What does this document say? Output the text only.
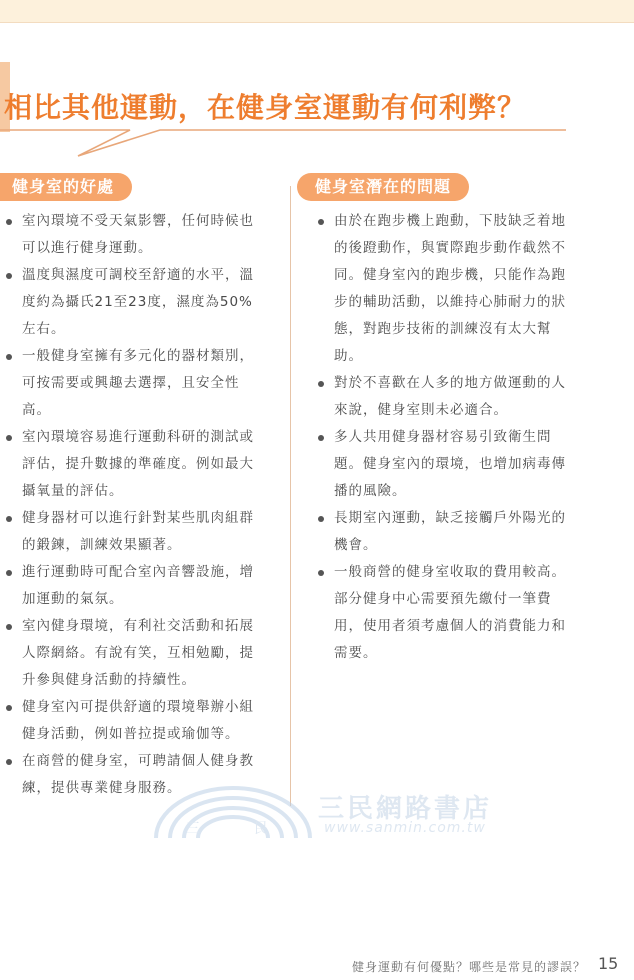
相比其他運動，在健身室運動有何利弊？
健身室的好處
室內環境不受天氣影響，任何時候也可以進行健身運動。
溫度與濕度可調校至舒適的水平，溫度約為攝氏21至23度，濕度為50%左右。
一般健身室擁有多元化的器材類別，可按需要或興趣去選擇，且安全性高。
室內環境容易進行運動科研的測試或評估，提升數據的準確度。例如最大攝氧量的評估。
健身器材可以進行針對某些肌肉組群的鍛鍊，訓練效果顯著。
進行運動時可配合室內音響設施，增加運動的氣氛。
室內健身環境，有利社交活動和拓展人際網絡。有說有笑，互相勉勵，提升參與健身活動的持續性。
健身室內可提供舒適的環境舉辦小組健身活動，例如普拉提或瑜伽等。
在商營的健身室，可聘請個人健身教練，提供專業健身服務。
健身室潛在的問題
由於在跑步機上跑動，下肢缺乏着地的後蹬動作，與實際跑步動作截然不同。健身室內的跑步機，只能作為跑步的輔助活動，以維持心肺耐力的狀態，對跑步技術的訓練沒有太大幫助。
對於不喜歡在人多的地方做運動的人來說，健身室則未必適合。
多人共用健身器材容易引致衛生問題。健身室內的環境，也增加病毒傳播的風險。
長期室內運動，缺乏接觸戶外陽光的機會。
一般商營的健身室收取的費用較高。部分健身中心需要預先繳付一筆費用，使用者須考慮個人的消費能力和需要。
三	民
三民網路書店
www.sanmin.com.tw
健身運動有何優點？哪些是常見的謬誤？ 15
